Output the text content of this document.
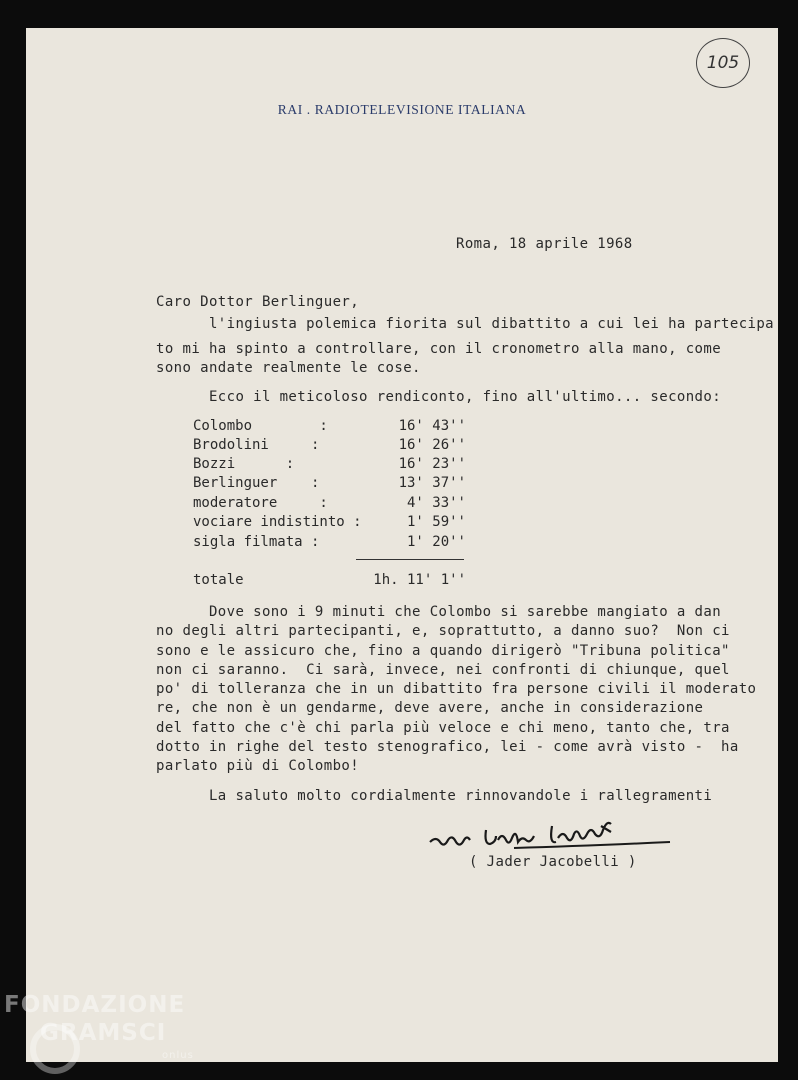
105
RAI . RADIOTELEVISIONE ITALIANA
Roma, 18 aprile 1968
Caro Dottor Berlinguer,
l'ingiusta polemica fiorita sul dibattito a cui lei ha partecipa
to mi ha spinto a controllare, con il cronometro alla mano, come
sono andate realmente le cose.
Ecco il meticoloso rendiconto, fino all'ultimo... secondo:
Colombo        :	16' 43''
Brodolini     :	16' 26''
Bozzi      :	16' 23''
Berlinguer    :	13' 37''
moderatore     :	4' 33''
vociare indistinto :	1' 59''
sigla filmata :	1' 20''
totale	1h. 11' 1''
Dove sono i 9 minuti che Colombo si sarebbe mangiato a dan
no degli altri partecipanti, e, soprattutto, a danno suo?  Non ci
sono e le assicuro che, fino a quando dirigerò "Tribuna politica"
non ci saranno.  Ci sarà, invece, nei confronti di chiunque, quel
po' di tolleranza che in un dibattito fra persone civili il moderato
re, che non è un gendarme, deve avere, anche in considerazione
del fatto che c'è chi parla più veloce e chi meno, tanto che, tra
dotto in righe del testo stenografico, lei - come avrà visto -  ha
parlato più di Colombo!
La saluto molto cordialmente rinnovandole i rallegramenti
( Jader Jacobelli )
FONDAZIONE
GRAMSCI
onlus
